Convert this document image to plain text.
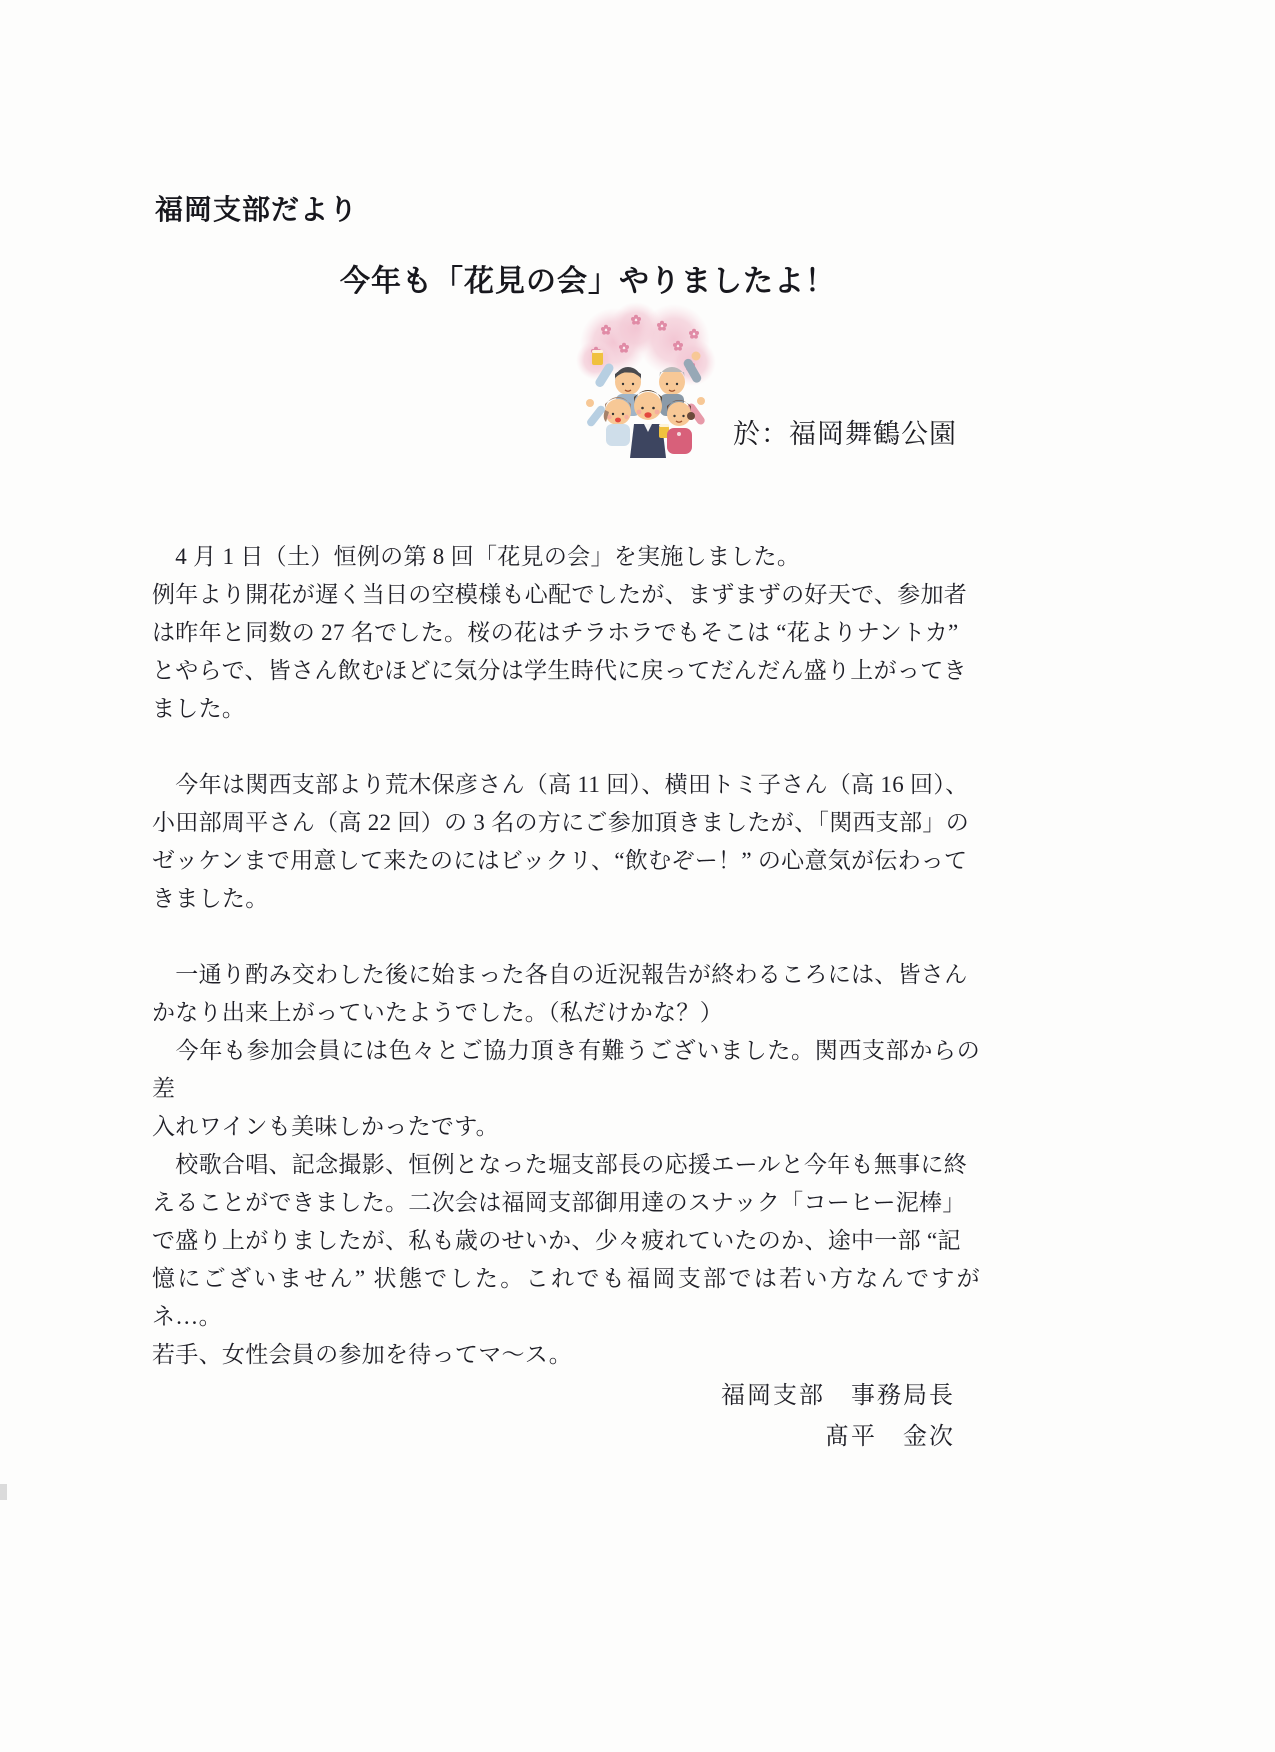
福岡支部だより
今年も「花見の会」やりましたよ！
於：福岡舞鶴公園
　4 月 1 日（土）恒例の第 8 回「花見の会」を実施しました。
例年より開花が遅く当日の空模様も心配でしたが、まずまずの好天で、参加者
は昨年と同数の 27 名でした。桜の花はチラホラでもそこは “花よりナントカ”
とやらで、皆さん飲むほどに気分は学生時代に戻ってだんだん盛り上がってき
ました。
　今年は関西支部より荒木保彦さん（高 11 回）、横田トミ子さん（高 16 回）、
小田部周平さん（高 22 回）の 3 名の方にご参加頂きましたが、「関西支部」の
ゼッケンまで用意して来たのにはビックリ、“飲むぞー！” の心意気が伝わって
きました。
　一通り酌み交わした後に始まった各自の近況報告が終わるころには、皆さん
かなり出来上がっていたようでした。（私だけかな？）
　今年も参加会員には色々とご協力頂き有難うございました。関西支部からの差
入れワインも美味しかったです。
　校歌合唱、記念撮影、恒例となった堀支部長の応援エールと今年も無事に終
えることができました。二次会は福岡支部御用達のスナック「コーヒー泥棒」
で盛り上がりましたが、私も歳のせいか、少々疲れていたのか、途中一部 “記
憶にございません” 状態でした。これでも福岡支部では若い方なんですがネ…。
若手、女性会員の参加を待ってマ～ス。
福岡支部　事務局長
髙平　金次
